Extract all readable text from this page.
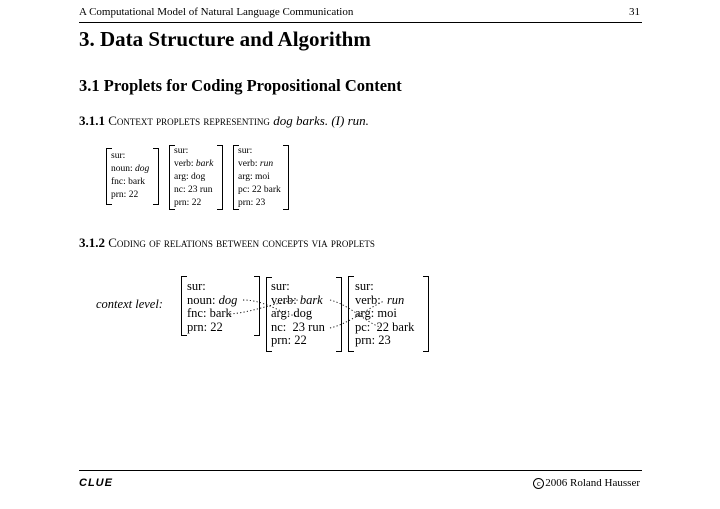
A Computational Model of Natural Language Communication	31
3. Data Structure and Algorithm
3.1 Proplets for Coding Propositional Content
3.1.1 Context proplets representing dog barks. (I) run.
sur:
noun: dog
fnc: bark
prn: 22
sur:
verb: bark
arg: dog
nc: 23 run
prn: 22
sur:
verb: run
arg: moi
pc: 22 bark
prn: 23
3.1.2 Coding of relations between concepts via proplets
context level:
sur:
noun: dog
fnc: bark
prn: 22
sur:
verb: bark
arg: dog
nc: 23 run
prn: 22
sur:
verb: run
arg: moi
pc: 22 bark
prn: 23
CLUE	c 2006 Roland Hausser
